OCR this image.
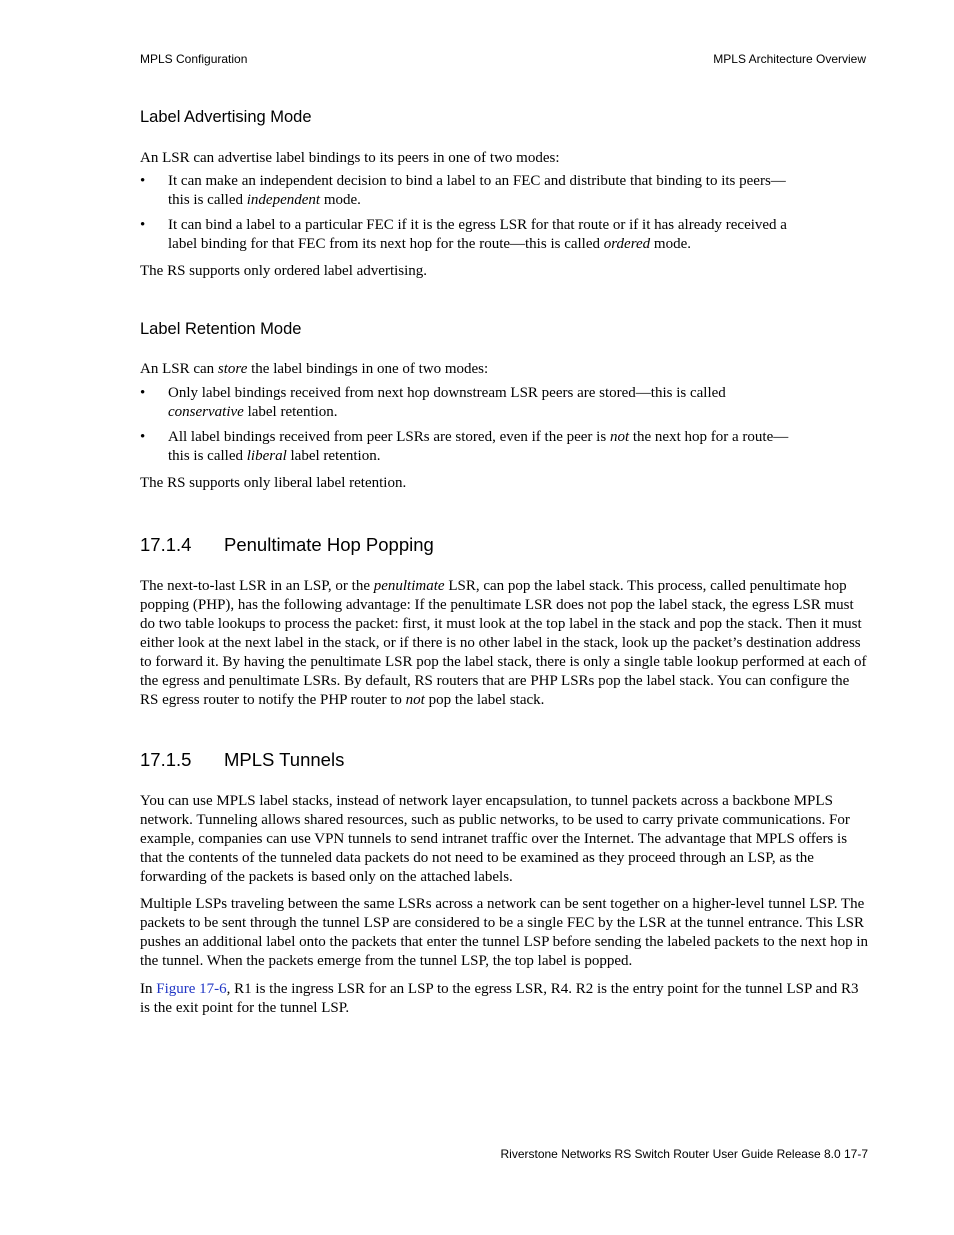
MPLS Configuration	MPLS Architecture Overview
Label Advertising Mode
An LSR can advertise label bindings to its peers in one of two modes:
• It can make an independent decision to bind a label to an FEC and distribute that binding to its peers—this is called independent mode.
• It can bind a label to a particular FEC if it is the egress LSR for that route or if it has already received a label binding for that FEC from its next hop for the route—this is called ordered mode.
The RS supports only ordered label advertising.
Label Retention Mode
An LSR can store the label bindings in one of two modes:
• Only label bindings received from next hop downstream LSR peers are stored—this is called conservative label retention.
• All label bindings received from peer LSRs are stored, even if the peer is not the next hop for a route—this is called liberal label retention.
The RS supports only liberal label retention.
17.1.4 Penultimate Hop Popping
The next-to-last LSR in an LSP, or the penultimate LSR, can pop the label stack. This process, called penultimate hop popping (PHP), has the following advantage: If the penultimate LSR does not pop the label stack, the egress LSR must do two table lookups to process the packet: first, it must look at the top label in the stack and pop the stack. Then it must either look at the next label in the stack, or if there is no other label in the stack, look up the packet’s destination address to forward it. By having the penultimate LSR pop the label stack, there is only a single table lookup performed at each of the egress and penultimate LSRs. By default, RS routers that are PHP LSRs pop the label stack. You can configure the RS egress router to notify the PHP router to not pop the label stack.
17.1.5 MPLS Tunnels
You can use MPLS label stacks, instead of network layer encapsulation, to tunnel packets across a backbone MPLS network. Tunneling allows shared resources, such as public networks, to be used to carry private communications. For example, companies can use VPN tunnels to send intranet traffic over the Internet. The advantage that MPLS offers is that the contents of the tunneled data packets do not need to be examined as they proceed through an LSP, as the forwarding of the packets is based only on the attached labels.
Multiple LSPs traveling between the same LSRs across a network can be sent together on a higher-level tunnel LSP. The packets to be sent through the tunnel LSP are considered to be a single FEC by the LSR at the tunnel entrance. This LSR pushes an additional label onto the packets that enter the tunnel LSP before sending the labeled packets to the next hop in the tunnel. When the packets emerge from the tunnel LSP, the top label is popped.
In Figure 17-6, R1 is the ingress LSR for an LSP to the egress LSR, R4. R2 is the entry point for the tunnel LSP and R3 is the exit point for the tunnel LSP.
Riverstone Networks RS Switch Router User Guide Release 8.0 17-7
